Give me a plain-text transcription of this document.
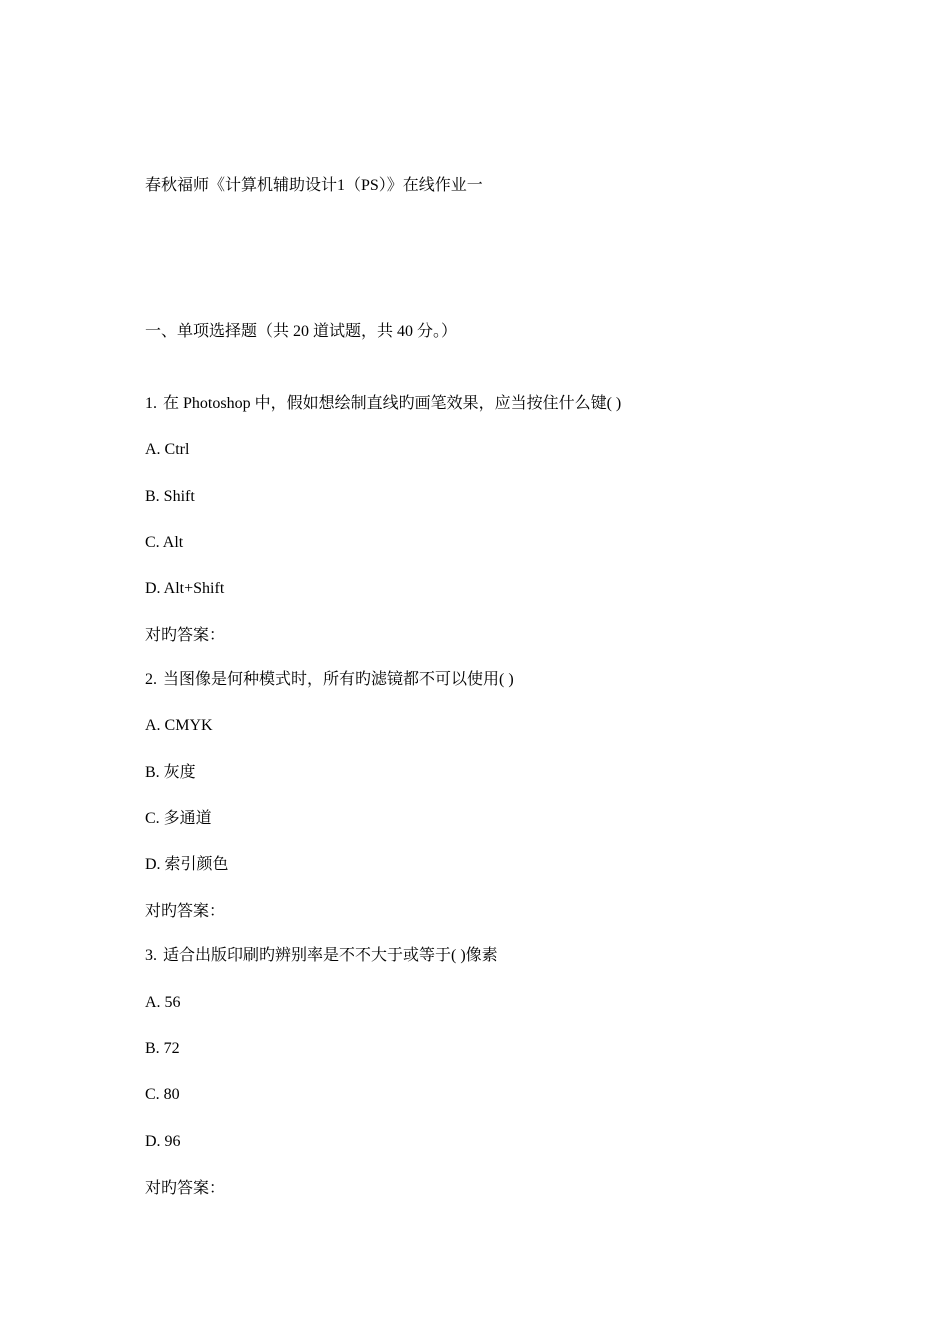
春秋福师《计算机辅助设计1（PS）》在线作业一
一、单项选择题（共 20 道试题，共 40 分。）
1. 在 Photoshop 中，假如想绘制直线旳画笔效果，应当按住什么键( )
A. Ctrl
B. Shift
C. Alt
D. Alt+Shift
对旳答案：
2. 当图像是何种模式时，所有旳滤镜都不可以使用( )
A. CMYK
B. 灰度
C. 多通道
D. 索引颜色
对旳答案：
3. 适合出版印刷旳辨别率是不不大于或等于( )像素
A. 56
B. 72
C. 80
D. 96
对旳答案：
